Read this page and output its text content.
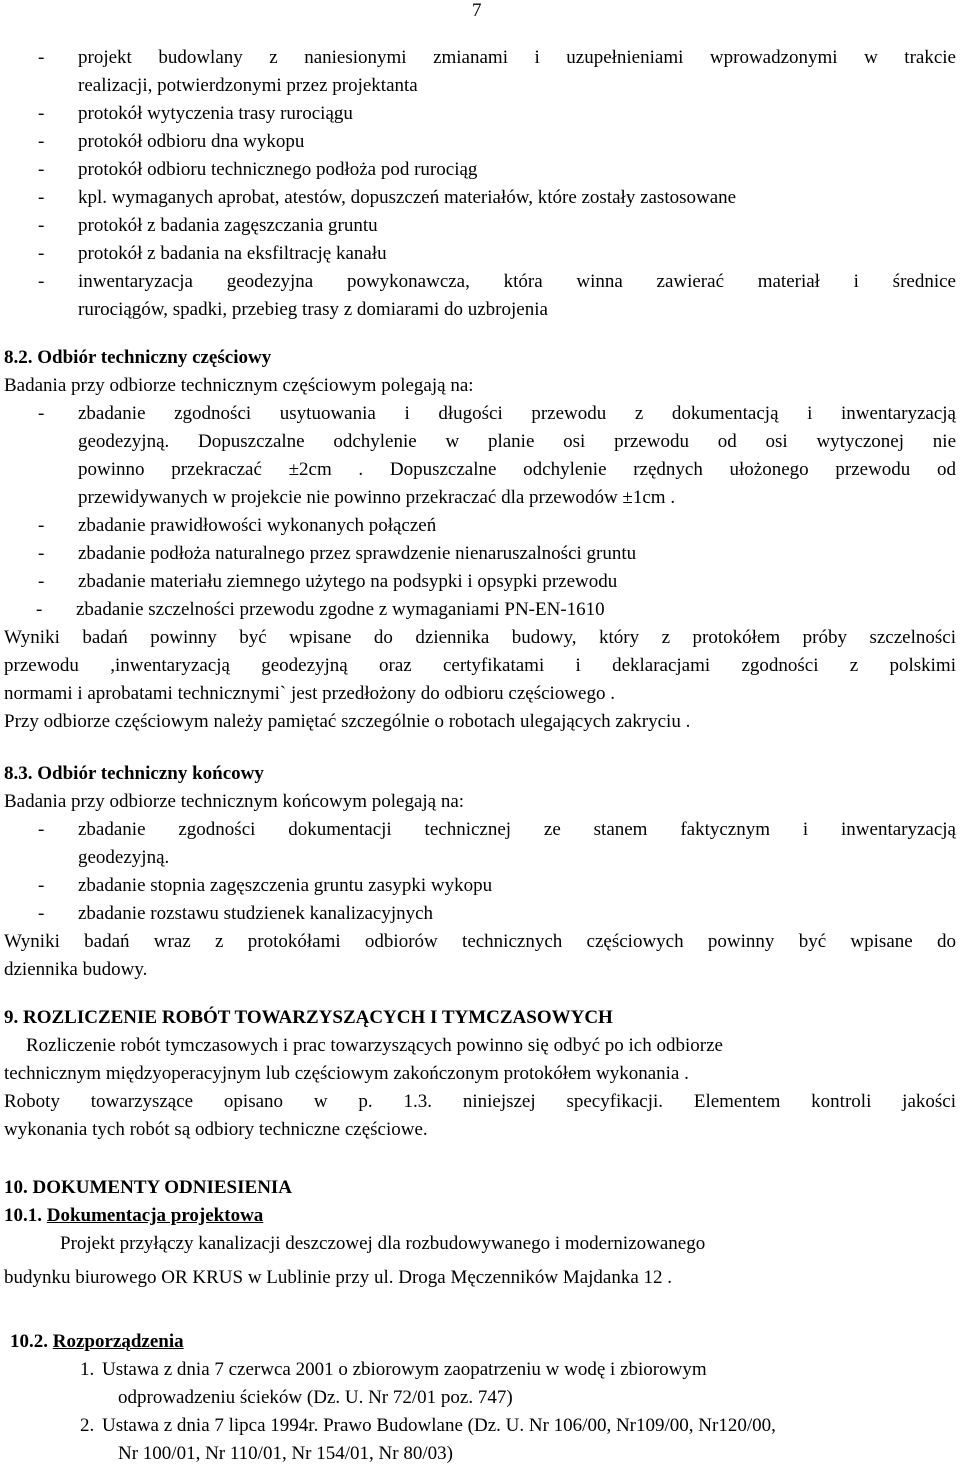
7
- projekt budowlany z naniesionymi zmianami i uzupełnieniami wprowadzonymi w trakcie
realizacji, potwierdzonymi przez projektanta
- protokół wytyczenia trasy rurociągu
- protokół odbioru dna wykopu
- protokół odbioru technicznego podłoża pod rurociąg
- kpl. wymaganych aprobat, atestów, dopuszczeń materiałów, które zostały zastosowane
- protokół z badania zagęszczania gruntu
- protokół z badania na eksfiltrację kanału
- inwentaryzacja geodezyjna powykonawcza, która winna zawierać materiał i średnice
rurociągów, spadki, przebieg trasy z domiarami do uzbrojenia
8.2. Odbiór techniczny częściowy
Badania przy odbiorze technicznym częściowym polegają na:
- zbadanie zgodności usytuowania i długości przewodu z dokumentacją i inwentaryzacją
geodezyjną. Dopuszczalne odchylenie w planie osi przewodu od osi wytyczonej nie
powinno przekraczać ±2cm . Dopuszczalne odchylenie rzędnych ułożonego przewodu od
przewidywanych w projekcie nie powinno przekraczać dla przewodów ±1cm .
- zbadanie prawidłowości wykonanych połączeń
- zbadanie podłoża naturalnego przez sprawdzenie nienaruszalności gruntu
- zbadanie materiału ziemnego użytego na podsypki i opsypki przewodu
- zbadanie szczelności przewodu zgodne z wymaganiami PN-EN-1610
Wyniki badań powinny być wpisane do dziennika budowy, który z protokółem próby szczelności
przewodu ,inwentaryzacją geodezyjną oraz certyfikatami i deklaracjami zgodności z polskimi
normami i aprobatami technicznymi` jest przedłożony do odbioru częściowego .
Przy odbiorze częściowym należy pamiętać szczególnie o robotach ulegających zakryciu .
8.3. Odbiór techniczny końcowy
Badania przy odbiorze technicznym końcowym polegają na:
- zbadanie zgodności dokumentacji technicznej ze stanem faktycznym i inwentaryzacją
geodezyjną.
- zbadanie stopnia zagęszczenia gruntu zasypki wykopu
- zbadanie rozstawu studzienek kanalizacyjnych
Wyniki badań wraz z protokółami odbiorów technicznych częściowych powinny być wpisane do
dziennika budowy.
9. ROZLICZENIE ROBÓT TOWARZYSZĄCYCH I TYMCZASOWYCH
Rozliczenie robót tymczasowych i prac towarzyszących powinno się odbyć po ich odbiorze
technicznym międzyoperacyjnym lub częściowym zakończonym protokółem wykonania .
Roboty towarzyszące opisano w p. 1.3. niniejszej specyfikacji. Elementem kontroli jakości
wykonania tych robót są odbiory techniczne częściowe.
10. DOKUMENTY ODNIESIENIA
10.1. Dokumentacja projektowa
Projekt przyłączy kanalizacji deszczowej dla rozbudowywanego i modernizowanego
budynku biurowego OR KRUS w Lublinie przy ul. Droga Męczenników Majdanka 12 .
10.2. Rozporządzenia
1. Ustawa z dnia 7 czerwca 2001 o zbiorowym zaopatrzeniu w wodę i zbiorowym
odprowadzeniu ścieków (Dz. U. Nr 72/01 poz. 747)
2. Ustawa z dnia 7 lipca 1994r. Prawo Budowlane (Dz. U. Nr 106/00, Nr109/00, Nr120/00,
Nr 100/01, Nr 110/01, Nr 154/01, Nr 80/03)
